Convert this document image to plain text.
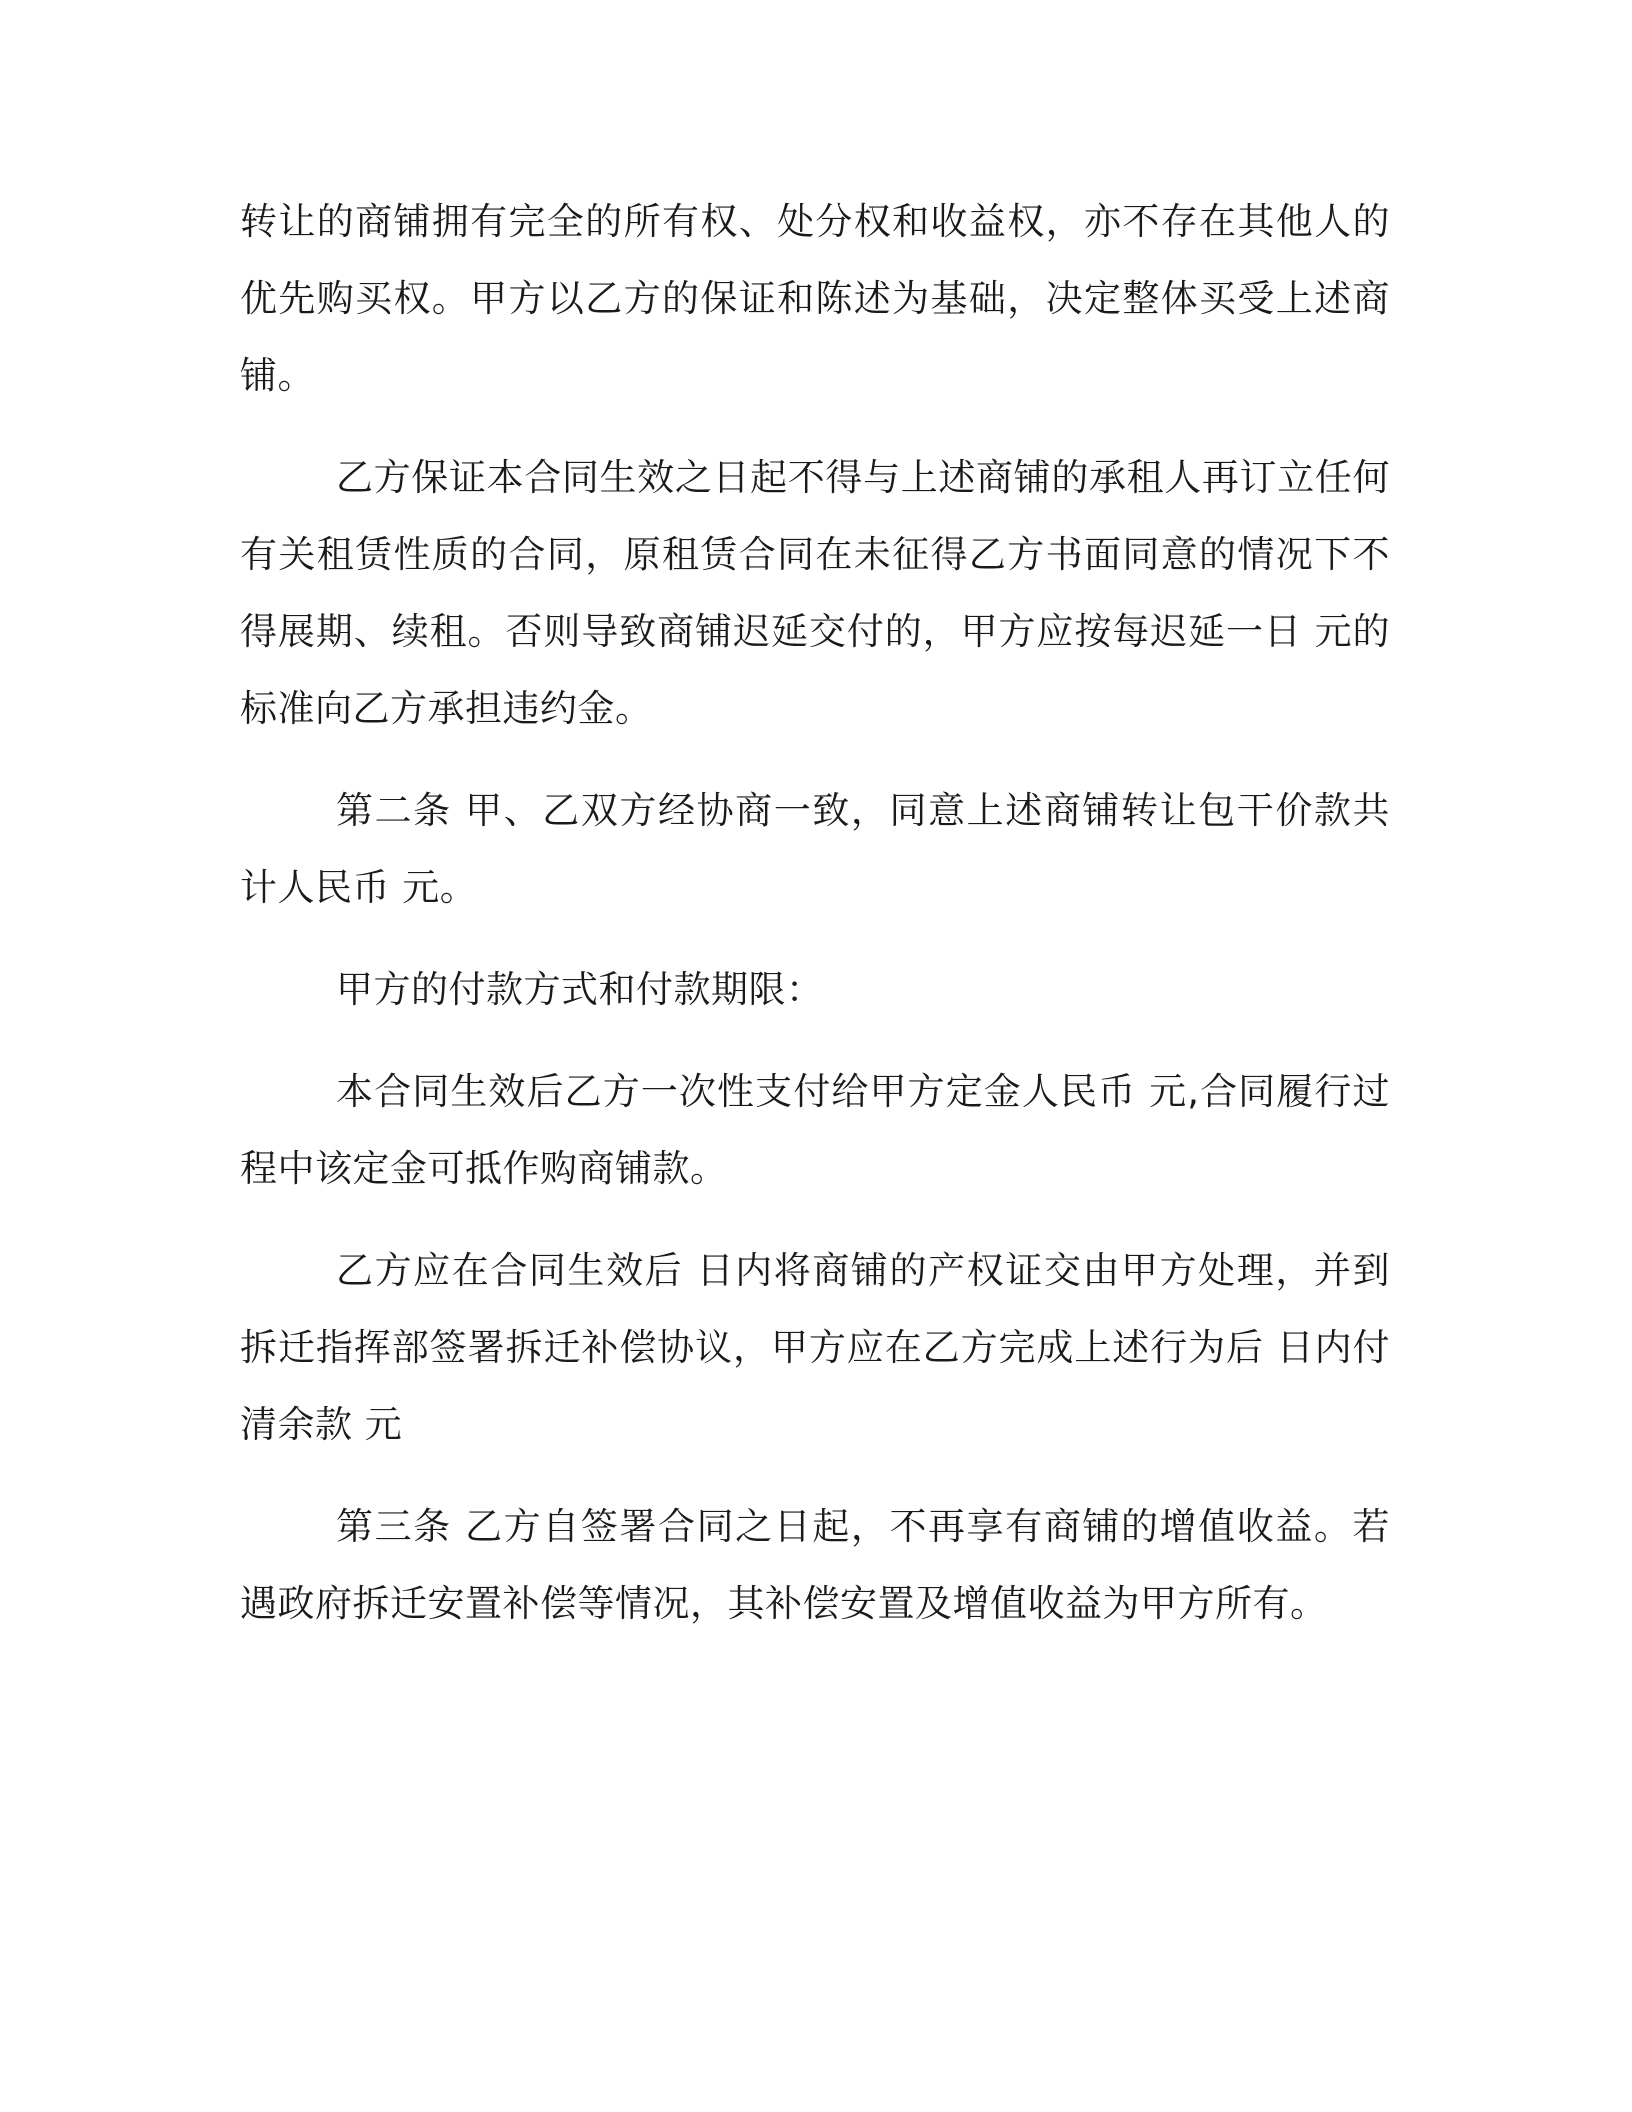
转让的商铺拥有完全的所有权、处分权和收益权，亦不存在其他人的优先购买权。甲方以乙方的保证和陈述为基础，决定整体买受上述商铺。

乙方保证本合同生效之日起不得与上述商铺的承租人再订立任何有关租赁性质的合同，原租赁合同在未征得乙方书面同意的情况下不得展期、续租。否则导致商铺迟延交付的，甲方应按每迟延一日 元的标准向乙方承担违约金。

第二条 甲、乙双方经协商一致，同意上述商铺转让包干价款共计人民币 元。

甲方的付款方式和付款期限：

本合同生效后乙方一次性支付给甲方定金人民币 元,合同履行过程中该定金可抵作购商铺款。

乙方应在合同生效后 日内将商铺的产权证交由甲方处理，并到拆迁指挥部签署拆迁补偿协议，甲方应在乙方完成上述行为后 日内付清余款 元

第三条 乙方自签署合同之日起，不再享有商铺的增值收益。若遇政府拆迁安置补偿等情况，其补偿安置及增值收益为甲方所有。
